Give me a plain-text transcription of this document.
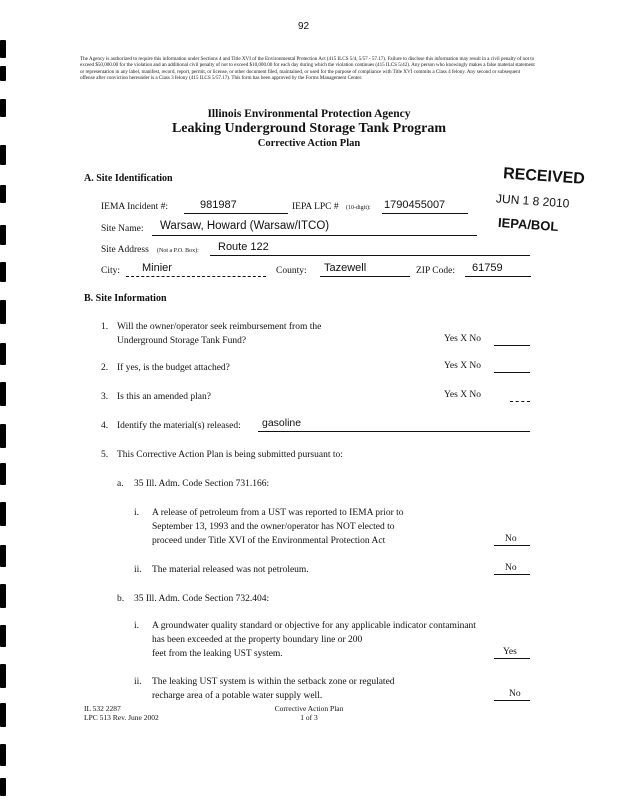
92
The Agency is authorized to require this information under Sections 4 and Title XVI of the Environmental Protection Act (415 ILCS 5/4, 5/57 - 57.17). Failure to disclose this information may result in a civil penalty of not to exceed $50,000.00 for the violation and an additional civil penalty of not to exceed $10,000.00 for each day during which the violation continues (415 ILCS 5/42). Any person who knowingly makes a false material statement or representation in any label, manifest, record, report, permit, or license, or other document filed, maintained, or used for the purpose of compliance with Title XVI commits a Class 4 felony. Any second or subsequent offense after conviction hereunder is a Class 3 felony (415 ILCS 5/57.17). This form has been approved by the Forms Management Center.
Illinois Environmental Protection Agency
Leaking Underground Storage Tank Program
Corrective Action Plan
RECEIVED
JUN 1 8 2010
IEPA/BOL
A. Site Identification
IEMA Incident #:	981987	IEPA LPC # (10-digit): 1790455007
Site Name: Warsaw, Howard (Warsaw/ITCO)
Site Address (Not a P.O. Box): Route 122
City: Minier	County: Tazewell	ZIP Code: 61759
B. Site Information
1. Will the owner/operator seek reimbursement from the
Underground Storage Tank Fund?	Yes X No
2. If yes, is the budget attached?	Yes X No
3. Is this an amended plan?	Yes X No
4. Identify the material(s) released: gasoline
5. This Corrective Action Plan is being submitted pursuant to:
a. 35 Ill. Adm. Code Section 731.166:
i. A release of petroleum from a UST was reported to IEMA prior to
September 13, 1993 and the owner/operator has NOT elected to
proceed under Title XVI of the Environmental Protection Act	No
ii. The material released was not petroleum.	No
b. 35 Ill. Adm. Code Section 732.404:
i. A groundwater quality standard or objective for any applicable indicator contaminant
has been exceeded at the property boundary line or 200
feet from the leaking UST system.	Yes
ii. The leaking UST system is within the setback zone or regulated
recharge area of a potable water supply well.	No
IL 532 2287
LPC 513 Rev. June 2002
Corrective Action Plan
1 of 3
